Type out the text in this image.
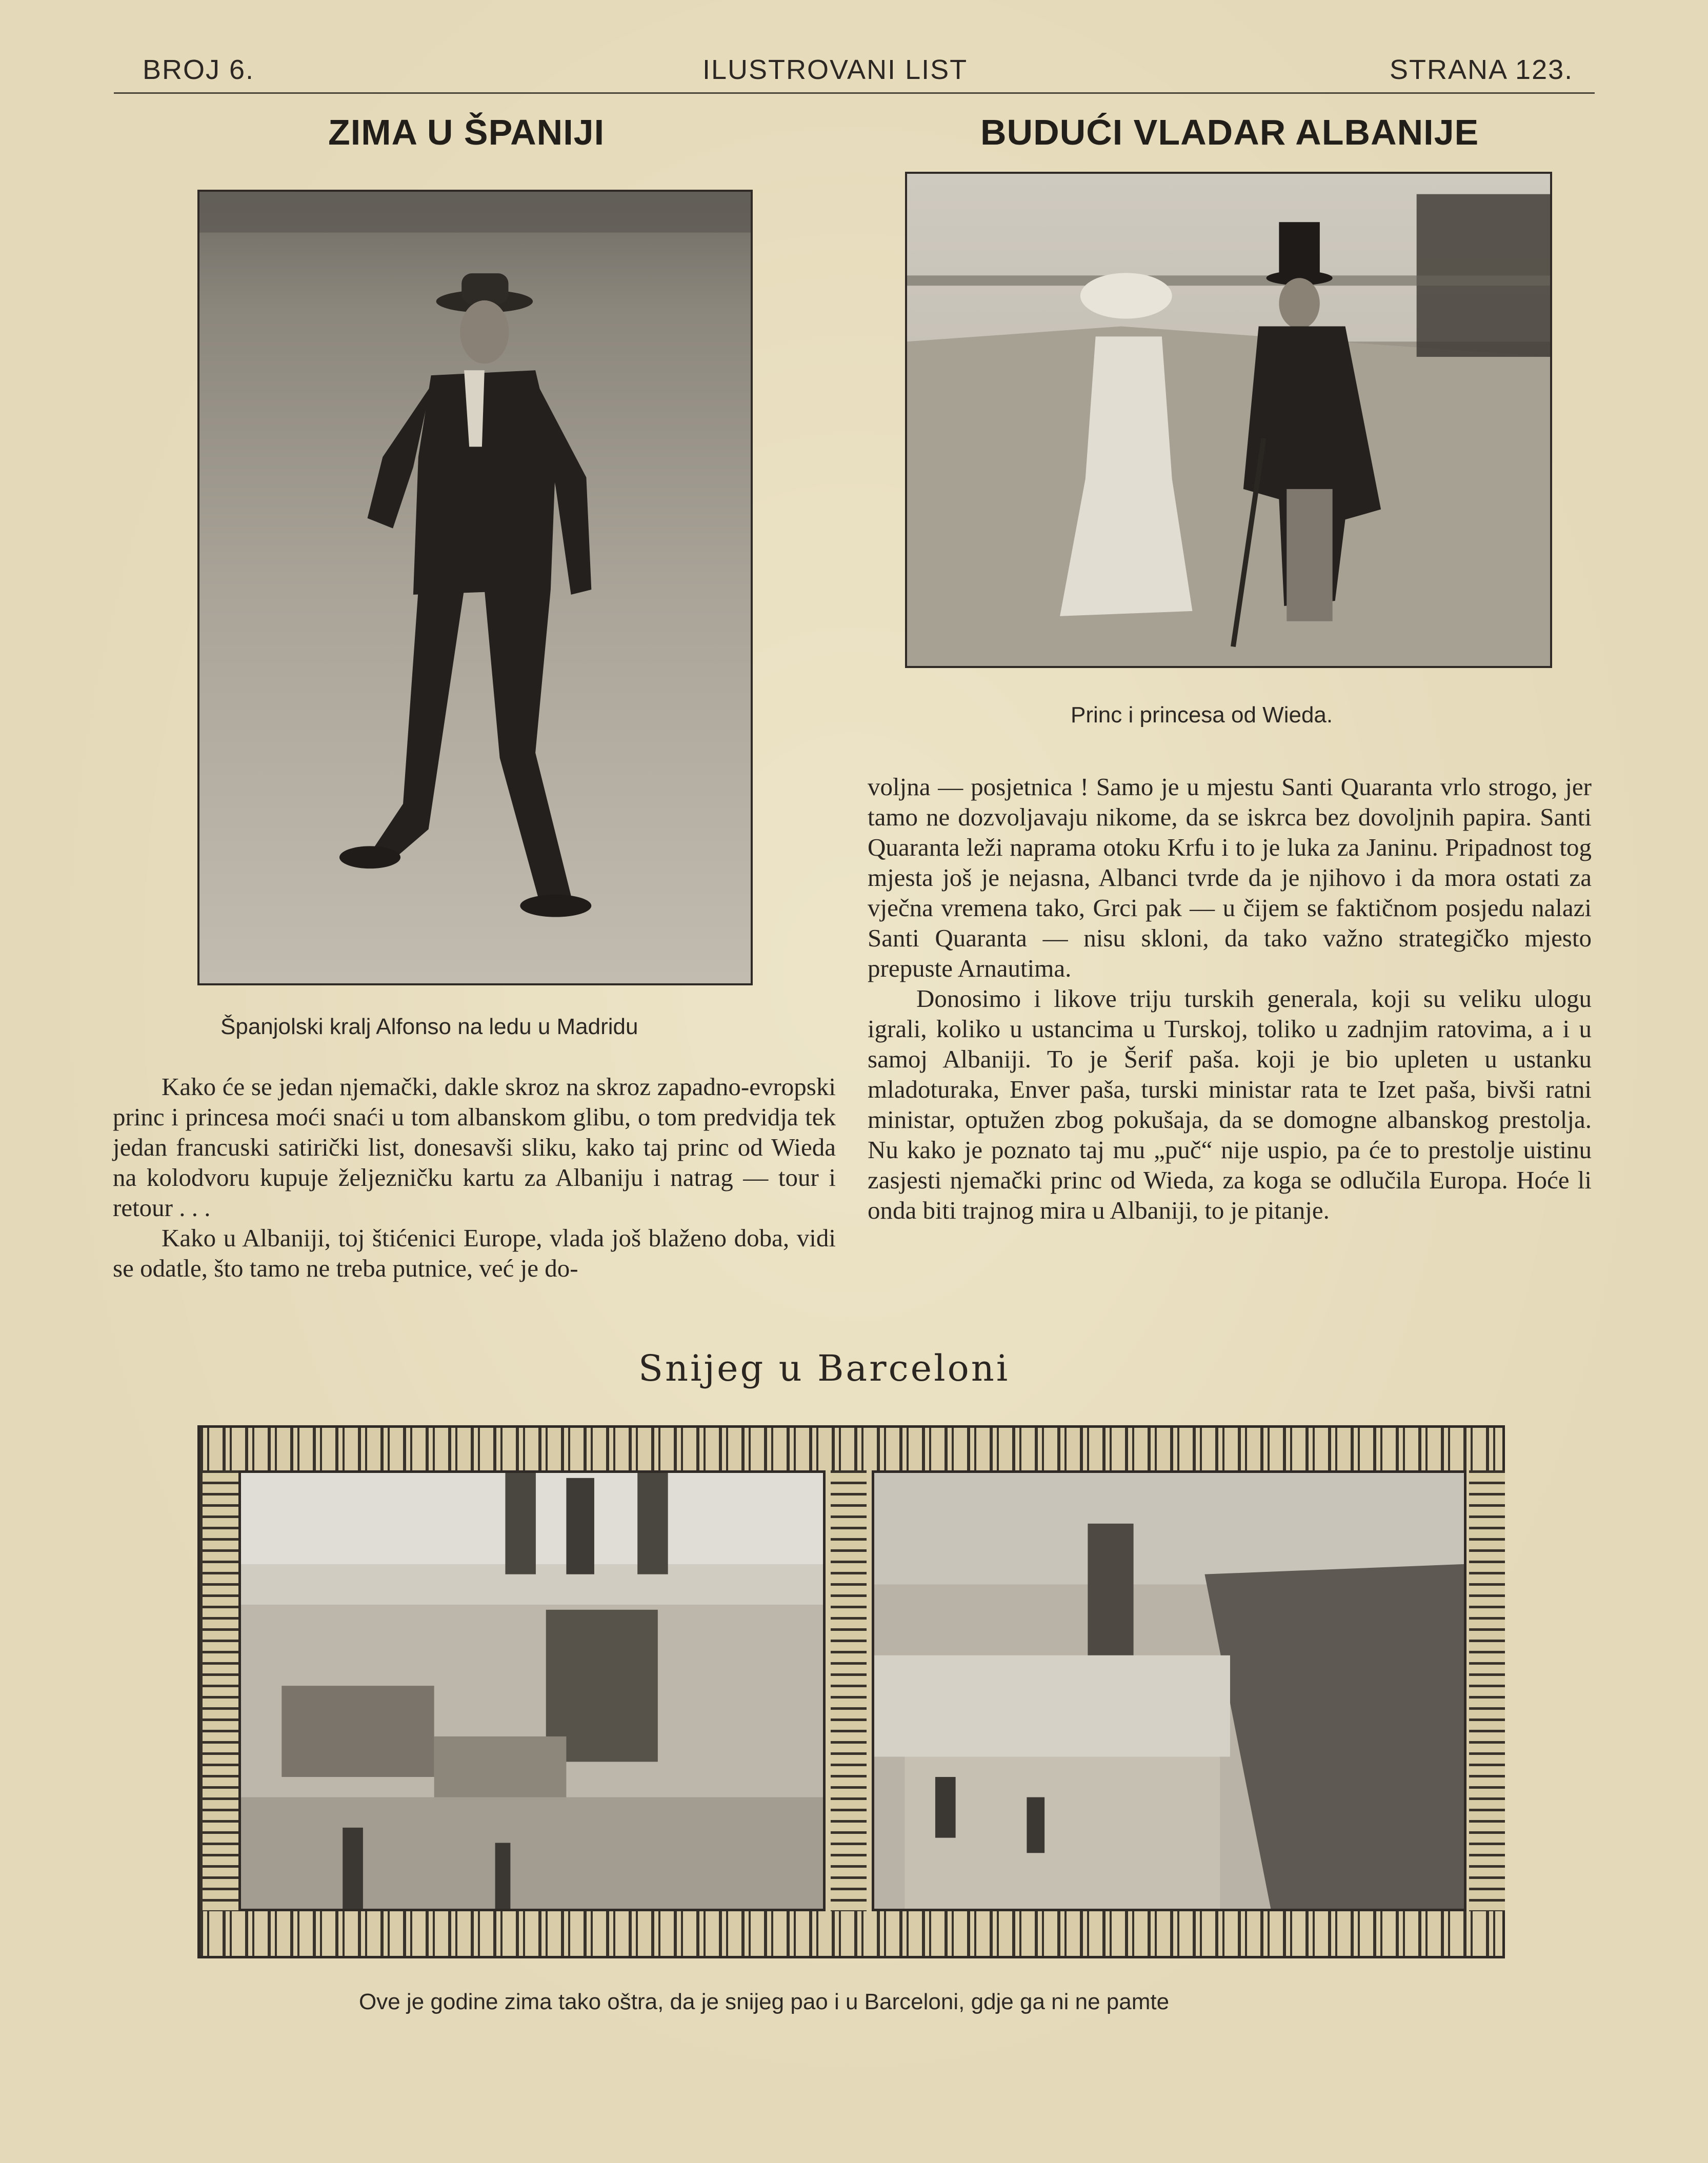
BROJ 6.	ILUSTROVANI LIST	STRANA 123.
ZIMA U ŠPANIJI	BUDUĆI VLADAR ALBANIJE
Španjolski kralj Alfonso na ledu u Madridu
Princ i princesa od Wieda.

Kako će se jedan njemački, dakle skroz na skroz zapadno-evropski princ i princesa moći snaći u tom albanskom glibu, o tom predvidja tek jedan francuski satirički list, donesavši sliku, kako taj princ od Wieda na kolodvoru kupuje željezničku kartu za Albaniju i natrag — tour i retour . . .

Kako u Albaniji, toj štićenici Europe, vlada još blaženo doba, vidi se odatle, što tamo ne treba putnice, već je do-

voljna — posjetnica ! Samo je u mjestu Santi Quaranta vrlo strogo, jer tamo ne dozvoljavaju nikome, da se iskrca bez dovoljnih papira. Santi Quaranta leži naprama otoku Krfu i to je luka za Janinu. Pripadnost tog mjesta još je nejasna, Albanci tvrde da je njihovo i da mora ostati za vječna vremena tako, Grci pak — u čijem se faktičnom posjedu nalazi Santi Quaranta — nisu skloni, da tako važno strategičko mjesto prepuste Arnautima.

Donosimo i likove triju turskih generala, koji su veliku ulogu igrali, koliko u ustancima u Turskoj, toliko u zadnjim ratovima, a i u samoj Albaniji. To je Šerif paša. koji je bio upleten u ustanku mladoturaka, Enver paša, turski ministar rata te Izet paša, bivši ratni ministar, optužen zbog pokušaja, da se domogne albanskog prestolja. Nu kako je poznato taj mu „puč“ nije uspio, pa će to prestolje uistinu zasjesti njemački princ od Wieda, za koga se odlučila Europa. Hoće li onda biti trajnog mira u Albaniji, to je pitanje.

Snijeg u Barceloni
Ove je godine zima tako oštra, da je snijeg pao i u Barceloni, gdje ga ni ne pamte
